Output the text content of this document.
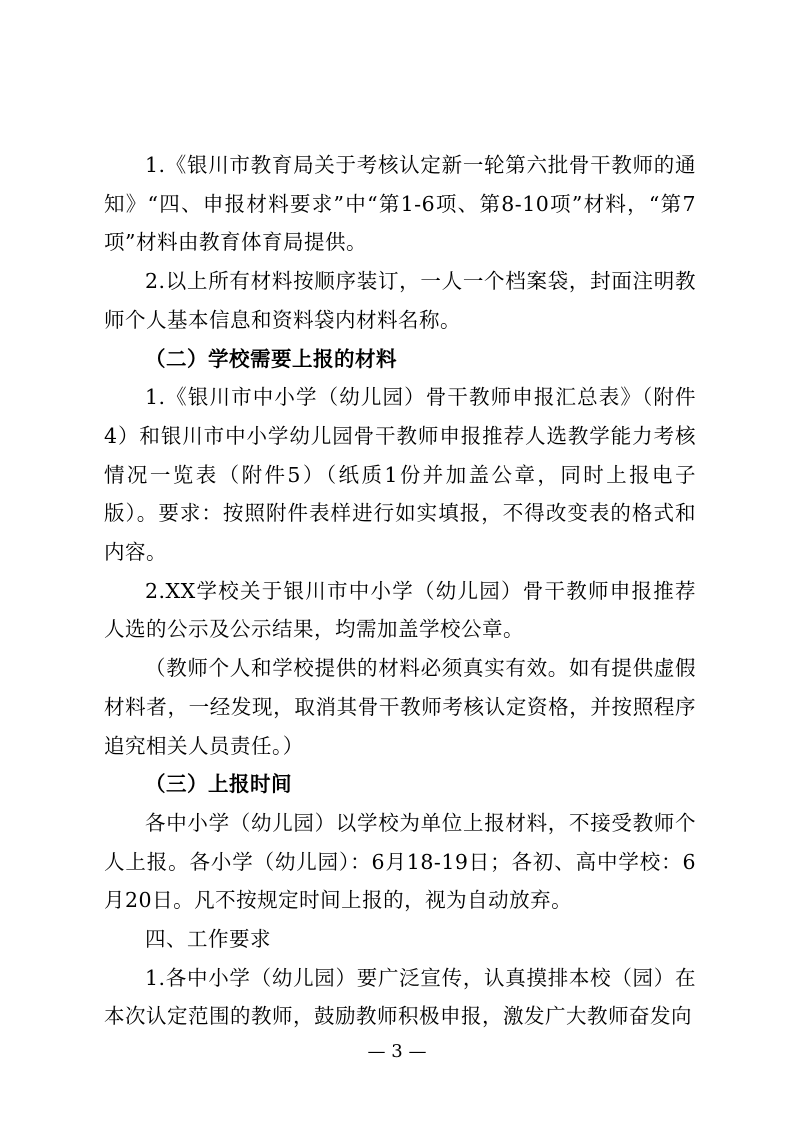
1.《银川市教育局关于考核认定新一轮第六批骨干教师的通知》“四、申报材料要求”中“第1-6项、第8-10项”材料，“第7项”材料由教育体育局提供。

2.以上所有材料按顺序装订，一人一个档案袋，封面注明教师个人基本信息和资料袋内材料名称。

（二）学校需要上报的材料

1.《银川市中小学（幼儿园）骨干教师申报汇总表》（附件4）和银川市中小学幼儿园骨干教师申报推荐人选教学能力考核情况一览表（附件5）（纸质1份并加盖公章，同时上报电子版）。要求：按照附件表样进行如实填报，不得改变表的格式和内容。

2.XX学校关于银川市中小学（幼儿园）骨干教师申报推荐人选的公示及公示结果，均需加盖学校公章。

（教师个人和学校提供的材料必须真实有效。如有提供虚假材料者，一经发现，取消其骨干教师考核认定资格，并按照程序追究相关人员责任。）

（三）上报时间

各中小学（幼儿园）以学校为单位上报材料，不接受教师个人上报。各小学（幼儿园）：6月18-19日；各初、高中学校：6月20日。凡不按规定时间上报的，视为自动放弃。

四、工作要求

1.各中小学（幼儿园）要广泛宣传，认真摸排本校（园）在本次认定范围的教师，鼓励教师积极申报，激发广大教师奋发向

— 3 —
